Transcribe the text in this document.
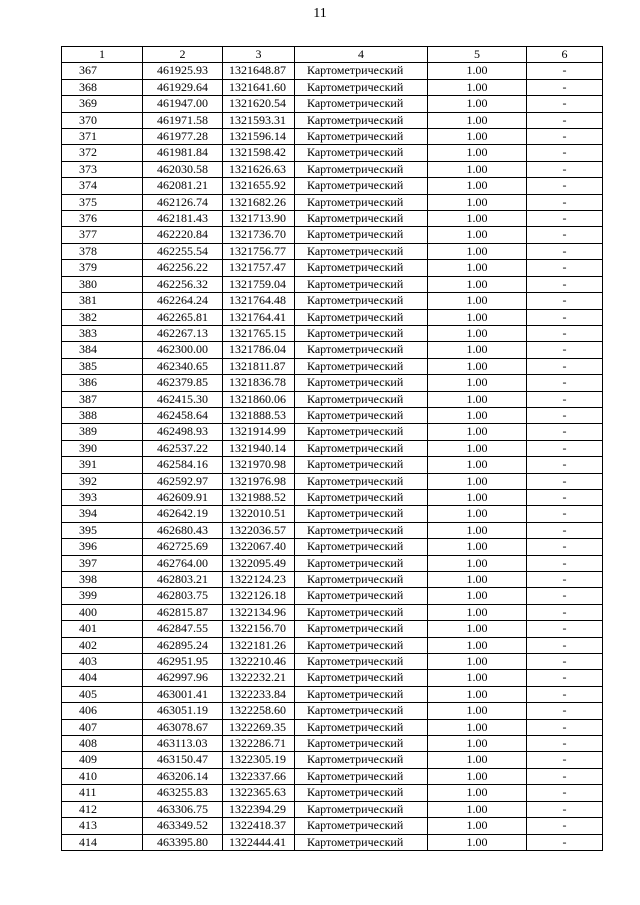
11
1	2	3	4	5	6
367	461925.93	1321648.87	Картометрический	1.00	-
368	461929.64	1321641.60	Картометрический	1.00	-
369	461947.00	1321620.54	Картометрический	1.00	-
370	461971.58	1321593.31	Картометрический	1.00	-
371	461977.28	1321596.14	Картометрический	1.00	-
372	461981.84	1321598.42	Картометрический	1.00	-
373	462030.58	1321626.63	Картометрический	1.00	-
374	462081.21	1321655.92	Картометрический	1.00	-
375	462126.74	1321682.26	Картометрический	1.00	-
376	462181.43	1321713.90	Картометрический	1.00	-
377	462220.84	1321736.70	Картометрический	1.00	-
378	462255.54	1321756.77	Картометрический	1.00	-
379	462256.22	1321757.47	Картометрический	1.00	-
380	462256.32	1321759.04	Картометрический	1.00	-
381	462264.24	1321764.48	Картометрический	1.00	-
382	462265.81	1321764.41	Картометрический	1.00	-
383	462267.13	1321765.15	Картометрический	1.00	-
384	462300.00	1321786.04	Картометрический	1.00	-
385	462340.65	1321811.87	Картометрический	1.00	-
386	462379.85	1321836.78	Картометрический	1.00	-
387	462415.30	1321860.06	Картометрический	1.00	-
388	462458.64	1321888.53	Картометрический	1.00	-
389	462498.93	1321914.99	Картометрический	1.00	-
390	462537.22	1321940.14	Картометрический	1.00	-
391	462584.16	1321970.98	Картометрический	1.00	-
392	462592.97	1321976.98	Картометрический	1.00	-
393	462609.91	1321988.52	Картометрический	1.00	-
394	462642.19	1322010.51	Картометрический	1.00	-
395	462680.43	1322036.57	Картометрический	1.00	-
396	462725.69	1322067.40	Картометрический	1.00	-
397	462764.00	1322095.49	Картометрический	1.00	-
398	462803.21	1322124.23	Картометрический	1.00	-
399	462803.75	1322126.18	Картометрический	1.00	-
400	462815.87	1322134.96	Картометрический	1.00	-
401	462847.55	1322156.70	Картометрический	1.00	-
402	462895.24	1322181.26	Картометрический	1.00	-
403	462951.95	1322210.46	Картометрический	1.00	-
404	462997.96	1322232.21	Картометрический	1.00	-
405	463001.41	1322233.84	Картометрический	1.00	-
406	463051.19	1322258.60	Картометрический	1.00	-
407	463078.67	1322269.35	Картометрический	1.00	-
408	463113.03	1322286.71	Картометрический	1.00	-
409	463150.47	1322305.19	Картометрический	1.00	-
410	463206.14	1322337.66	Картометрический	1.00	-
411	463255.83	1322365.63	Картометрический	1.00	-
412	463306.75	1322394.29	Картометрический	1.00	-
413	463349.52	1322418.37	Картометрический	1.00	-
414	463395.80	1322444.41	Картометрический	1.00	-
